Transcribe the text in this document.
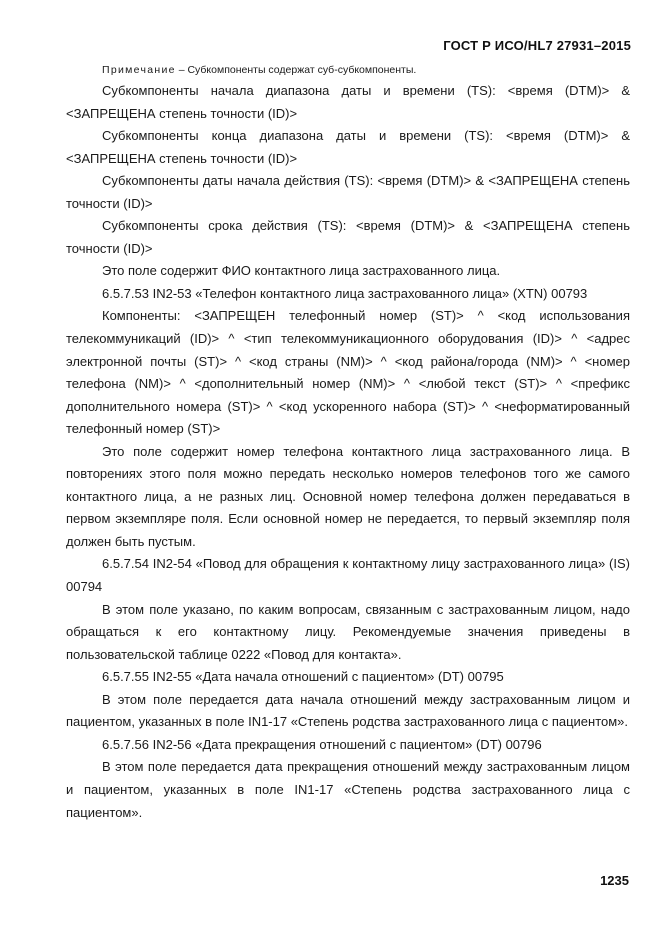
ГОСТ Р ИСО/HL7 27931–2015
Примечание – Субкомпоненты содержат суб-субкомпоненты.

Субкомпоненты начала диапазона даты и времени (TS): <время (DTM)> & <ЗАПРЕЩЕНА степень точности (ID)>

Субкомпоненты конца диапазона даты и времени (TS): <время (DTM)> & <ЗАПРЕЩЕНА степень точности (ID)>

Субкомпоненты даты начала действия (TS): <время (DTM)> & <ЗАПРЕЩЕНА степень точности (ID)>

Субкомпоненты срока действия (TS): <время (DTM)> & <ЗАПРЕЩЕНА степень точности (ID)>

Это поле содержит ФИО контактного лица застрахованного лица.

6.5.7.53 IN2-53 «Телефон контактного лица застрахованного лица» (XTN) 00793

Компоненты: <ЗАПРЕЩЕН телефонный номер (ST)> ^ <код использования телекоммуникаций (ID)> ^ <тип телекоммуникационного оборудования (ID)> ^ <адрес электронной почты (ST)> ^ <код страны (NM)> ^ <код района/города (NM)> ^ <номер телефона (NM)> ^ <дополнительный номер (NM)> ^ <любой текст (ST)> ^ <префикс дополнительного номера (ST)> ^ <код ускоренного набора (ST)> ^ <неформатированный телефонный номер (ST)>

Это поле содержит номер телефона контактного лица застрахованного лица. В повторениях этого поля можно передать несколько номеров телефонов того же самого контактного лица, а не разных лиц. Основной номер телефона должен передаваться в первом экземпляре поля. Если основной номер не передается, то первый экземпляр поля должен быть пустым.

6.5.7.54 IN2-54 «Повод для обращения к контактному лицу застрахованного лица» (IS) 00794

В этом поле указано, по каким вопросам, связанным с застрахованным лицом, надо обращаться к его контактному лицу. Рекомендуемые значения приведены в пользовательской таблице 0222 «Повод для контакта».

6.5.7.55 IN2-55 «Дата начала отношений с пациентом» (DT) 00795

В этом поле передается дата начала отношений между застрахованным лицом и пациентом, указанных в поле IN1-17 «Степень родства застрахованного лица с пациентом».

6.5.7.56 IN2-56 «Дата прекращения отношений с пациентом» (DT) 00796

В этом поле передается дата прекращения отношений между застрахованным лицом и пациентом, указанных в поле IN1-17 «Степень родства застрахованного лица с пациентом».

1235
